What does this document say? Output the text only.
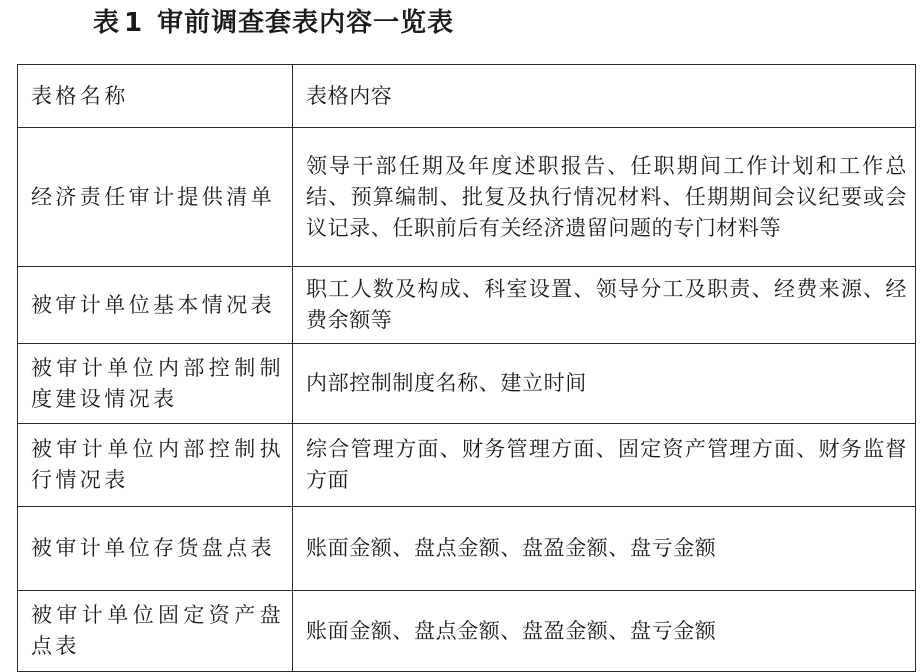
表 1 审前调查套表内容一览表
表格名称	表格内容
经济责任审计提供清单	领导干部任期及年度述职报告、任职期间工作计划和工作总结、预算编制、批复及执行情况材料、任期期间会议纪要或会议记录、任职前后有关经济遗留问题的专门材料等
被审计单位基本情况表	职工人数及构成、科室设置、领导分工及职责、经费来源、经费余额等
被审计单位内部控制制度建设情况表	内部控制制度名称、建立时间
被审计单位内部控制执行情况表	综合管理方面、财务管理方面、固定资产管理方面、财务监督方面
被审计单位存货盘点表	账面金额、盘点金额、盘盈金额、盘亏金额
被审计单位固定资产盘点表	账面金额、盘点金额、盘盈金额、盘亏金额
